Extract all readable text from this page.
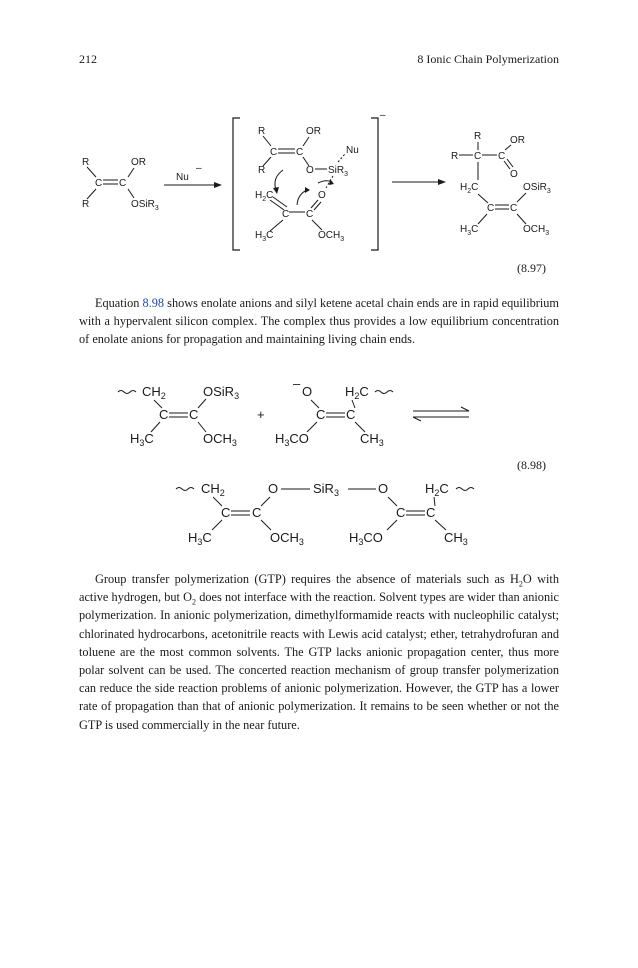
212	8 Ionic Chain Polymerization
R	OR
C C
R	OSiR$_3$
Nu
–
–
R	OR
C C	Nu
R	O SiR$_3$
$H_2C$	O
C C
$H_3C$	$OCH_3$
R	OR
R C C
O
$H_2C$	OSiR$_3$
C C
$H_3C$	$OCH_3$
(8.97)

Equation 8.98 shows enolate anions and silyl ketene acetal chain ends are in rapid equilibrium with a hypervalent silicon complex. The complex thus provides a low equilibrium concentration of enolate anions for propagation and maintaining living chain ends.

$CH_2$	OSiR$_3$
C C
$H_3C$	$OCH_3$
+
–
O	$H_2C$
C C
$H_3CO$	$CH_3$
$CH_2$	O	SiR$_3$	O	$H_2C$
C C	C C
$H_3C$	$OCH_3$	$H_3CO$	$CH_3$
(8.98)

Group transfer polymerization (GTP) requires the absence of materials such as $H_2O$ with active hydrogen, but $O_2$ does not interface with the reaction. Solvent types are wider than anionic polymerization. In anionic polymerization, dimethylformamide reacts with nucleophilic catalyst; chlorinated hydrocarbons, acetonitrile reacts with Lewis acid catalyst; ether, tetrahydrofuran and toluene are the most common solvents. The GTP lacks anionic propagation center, thus more polar solvent can be used. The concerted reaction mechanism of group transfer polymerization can reduce the side reaction problems of anionic polymerization. However, the GTP has a lower rate of propagation than that of anionic polymerization. It remains to be seen whether or not the GTP is used commercially in the near future.
